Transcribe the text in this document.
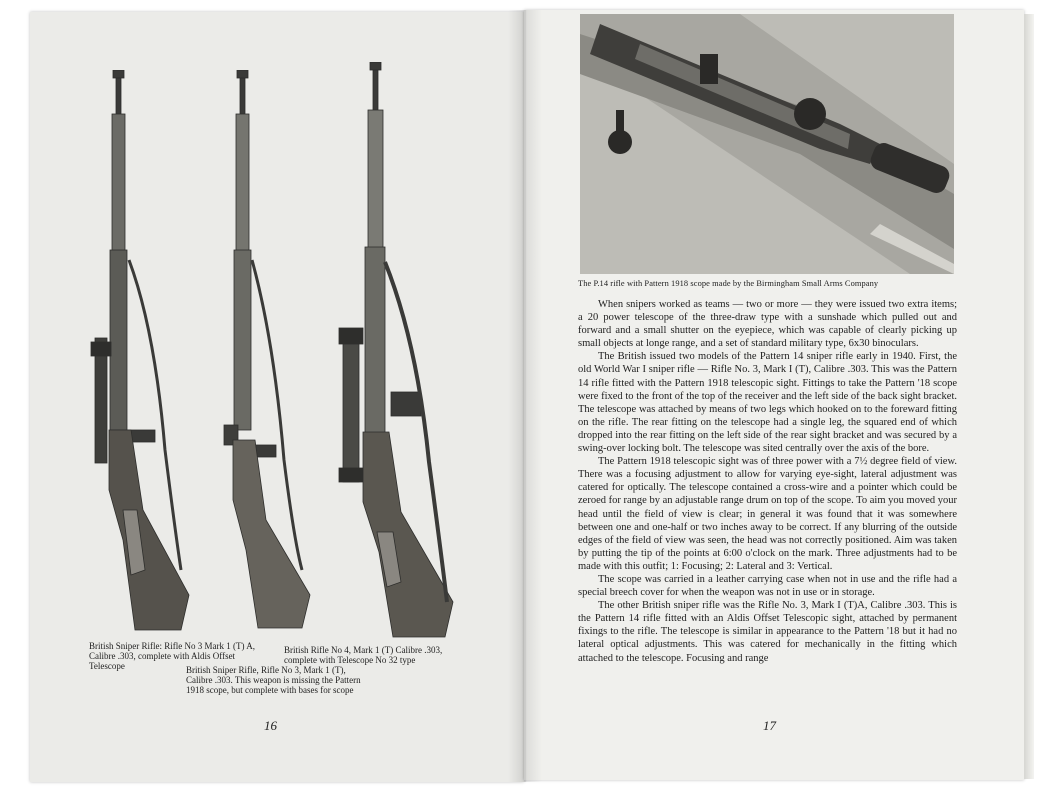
British Sniper Rifle: Rifle No 3 Mark 1 (T) A, Calibre .303, complete with Aldis Offset Telescope	British Sniper Rifle, Rifle No 3, Mark 1 (T), Calibre .303. This weapon is missing the Pattern 1918 scope, but complete with bases for scope
British Rifle No 4, Mark 1 (T) Calibre .303, complete with Telescope No 32 type
16
The P.14 rifle with Pattern 1918 scope made by the Birmingham Small Arms Company

When snipers worked as teams — two or more — they were issued two extra items; a 20 power telescope of the three-draw type with a sunshade which pulled out and forward and a small shutter on the eyepiece, which was capable of clearly picking up small objects at longe range, and a set of standard military type, 6x30 binoculars.

The British issued two models of the Pattern 14 sniper rifle early in 1940. First, the old World War I sniper rifle — Rifle No. 3, Mark I (T), Calibre .303. This was the Pattern 14 rifle fitted with the Pattern 1918 telescopic sight. Fittings to take the Pattern '18 scope were fixed to the front of the top of the receiver and the left side of the back sight bracket. The telescope was attached by means of two legs which hooked on to the foreward fitting on the rifle. The rear fitting on the telescope had a single leg, the squared end of which dropped into the rear fitting on the left side of the rear sight bracket and was secured by a swing-over locking bolt. The telescope was sited centrally over the axis of the bore.

The Pattern 1918 telescopic sight was of three power with a 7½ degree field of view. There was a focusing adjustment to allow for varying eye-sight, lateral adjustment was catered for optically. The telescope contained a cross-wire and a pointer which could be zeroed for range by an adjustable range drum on top of the scope. To aim you moved your head until the field of view is clear; in general it was found that it was somewhere between one and one-half or two inches away to be correct. If any blurring of the outside edges of the field of view was seen, the head was not correctly positioned. Aim was taken by putting the tip of the points at 6:00 o'clock on the mark. Three adjustments had to be made with this outfit; 1: Focusing; 2: Lateral and 3: Vertical.

The scope was carried in a leather carrying case when not in use and the rifle had a special breech cover for when the weapon was not in use or in storage.

The other British sniper rifle was the Rifle No. 3, Mark I (T)A, Calibre .303. This is the Pattern 14 rifle fitted with an Aldis Offset Telescopic sight, attached by permanent fixings to the rifle. The telescope is similar in appearance to the Pattern '18 but it had no lateral optical adjustments. This was catered for mechanically in the fitting which attached to the telescope. Focusing and range

17
